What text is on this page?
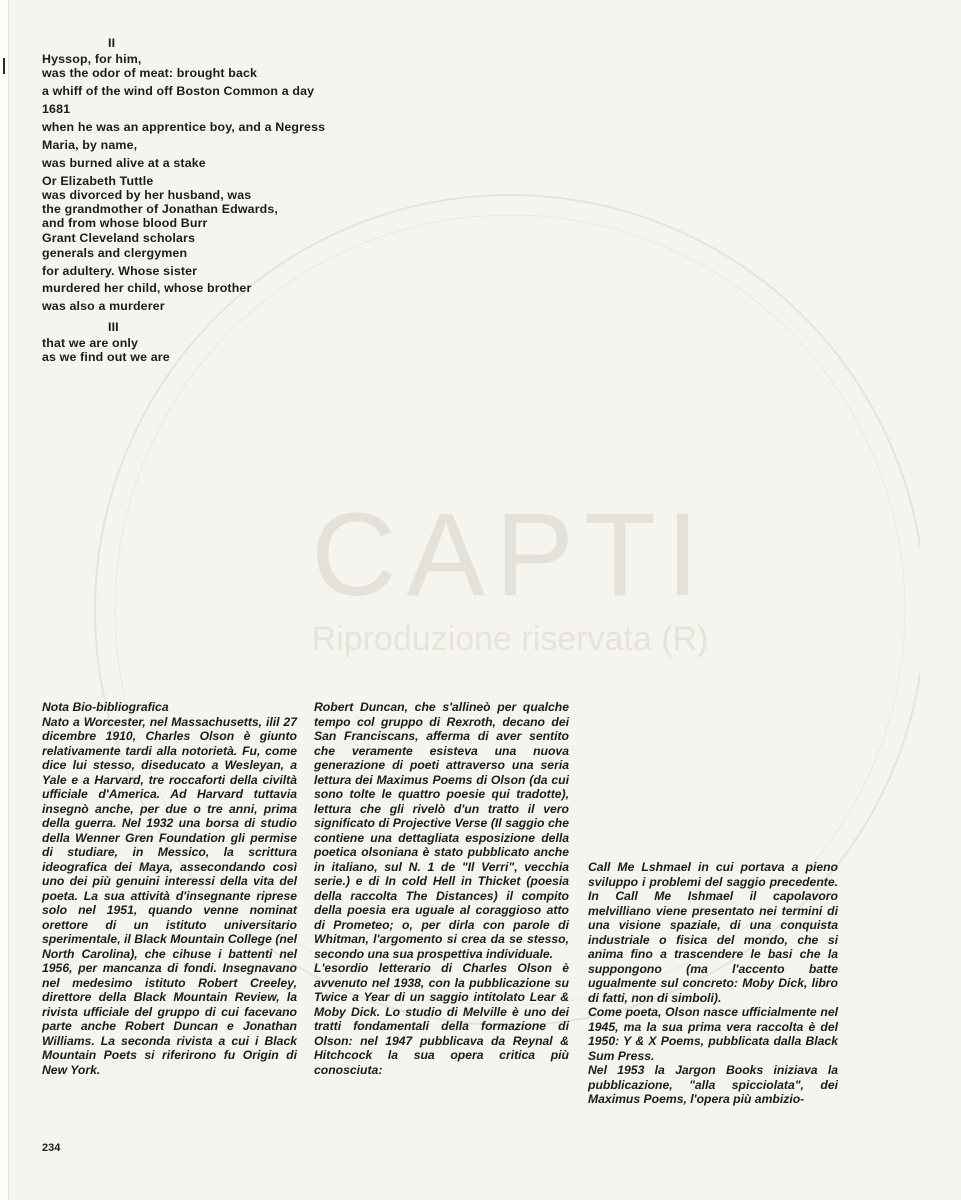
CAPTI
Riproduzione riservata (R)
II
Hyssop, for him,
was the odor of meat: brought back
a whiff of the wind off Boston Common a day
1681
when he was an apprentice boy, and a Negress
Maria, by name,
was burned alive at a stake
Or Elizabeth Tuttle
was divorced by her husband, was
the grandmother of Jonathan Edwards,
and from whose blood Burr
Grant Cleveland scholars
generals and clergymen
for adultery. Whose sister
murdered her child, whose brother
was also a murderer
III
that we are only
as we find out we are

Nota Bio-bibliografica

Nato a Worcester, nel Massachusetts, ilil 27 dicembre 1910, Charles Olson è giunto relativamente tardi alla notorietà. Fu, come dice lui stesso, diseducato a Wesleyan, a Yale e a Harvard, tre roccaforti della civiltà ufficiale d'America. Ad Harvard tuttavia insegnò anche, per due o tre anni, prima della guerra. Nel 1932 una borsa di studio della Wenner Gren Foundation gli permise di studiare, in Messico, la scrittura ideografica dei Maya, assecondando così uno dei più genuini interessi della vita del poeta. La sua attività d'insegnante riprese solo nel 1951, quando venne nominat orettore di un istituto universitario sperimentale, il Black Mountain College (nel North Carolina), che cihuse i battenti nel 1956, per mancanza di fondi. Insegnavano nel medesimo istituto Robert Creeley, direttore della Black Mountain Review, la rivista ufficiale del gruppo di cui facevano parte anche Robert Duncan e Jonathan Williams. La seconda rivista a cui i Black Mountain Poets si riferirono fu Origin di New York.

Robert Duncan, che s'allineò per qualche tempo col gruppo di Rexroth, decano dei San Franciscans, afferma di aver sentito che veramente esisteva una nuova generazione di poeti attraverso una seria lettura dei Maximus Poems di Olson (da cui sono tolte le quattro poesie qui tradotte), lettura che gli rivelò d'un tratto il vero significato di Projective Verse (Il saggio che contiene una dettagliata esposizione della poetica olsoniana è stato pubblicato anche in italiano, sul N. 1 de "Il Verri", vecchia serie.) e di In cold Hell in Thicket (poesia della raccolta The Distances) il compito della poesia era uguale al coraggioso atto di Prometeo; o, per dirla con parole di Whitman, l'argomento si crea da se stesso, secondo una sua prospettiva individuale.

L'esordio letterario di Charles Olson è avvenuto nel 1938, con la pubblicazione su Twice a Year di un saggio intitolato Lear & Moby Dick. Lo studio di Melville è uno dei tratti fondamentali della formazione di Olson: nel 1947 pubblicava da Reynal & Hitchcock la sua opera critica più conosciuta:

Call Me Lshmael in cui portava a pieno sviluppo i problemi del saggio precedente. In Call Me Ishmael il capolavoro melvilliano viene presentato nei termini di una visione spaziale, di una conquista industriale o fisica del mondo, che si anima fino a trascendere le basi che la suppongono (ma l'accento batte ugualmente sul concreto: Moby Dick, libro di fatti, non di simboli).

Come poeta, Olson nasce ufficialmente nel 1945, ma la sua prima vera raccolta è del 1950: Y & X Poems, pubblicata dalla Black Sum Press.

Nel 1953 la Jargon Books iniziava la pubblicazione, "alla spicciolata", dei Maximus Poems, l'opera più ambizio-

234
